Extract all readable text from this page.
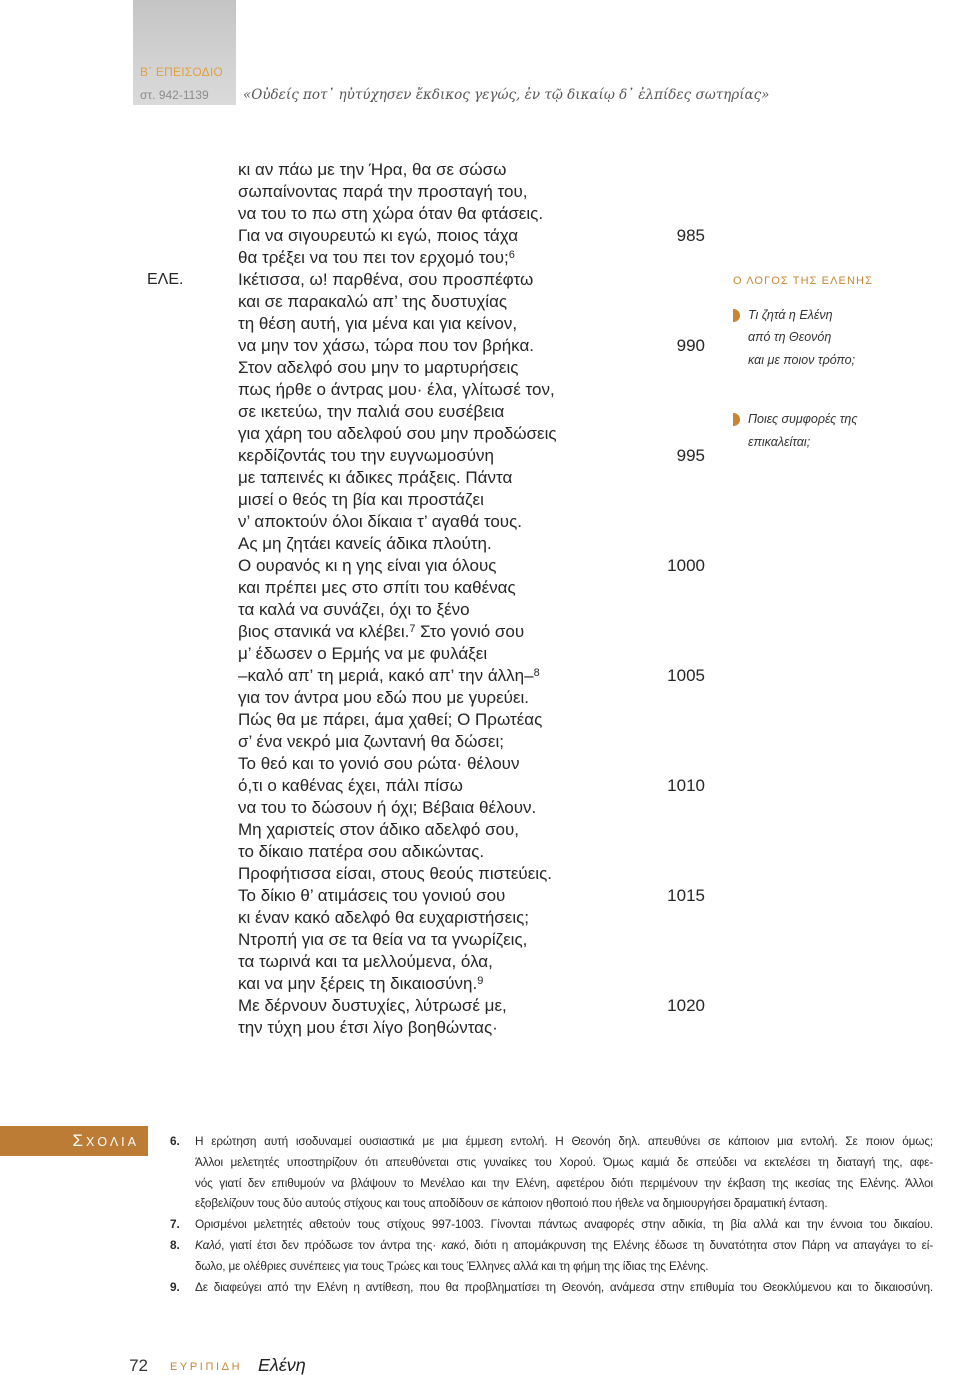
Β΄ ΕΠΕΙΣΟΔΙΟ
στ. 942-1139	«Οὐδείς ποτ᾽ ηὐτύχησεν ἔκδικος γεγώς, ἐν τῷ δικαίῳ δ᾽ ἐλπίδες σωτηρίας»
κι αν πάω με την Ήρα, θα σε σώσω
σωπαίνοντας παρά την προσταγή του,
να του το πω στη χώρα όταν θα φτάσεις.
Για να σιγουρευτώ κι εγώ, ποιος τάχα	985
θα τρέξει να του πει τον ερχομό του;$^6$
ΕΛΕ.	Ικέτισσα, ω! παρθένα, σου προσπέφτω
και σε παρακαλώ απ’ της δυστυχίας
τη θέση αυτή, για μένα και για κείνον,
να μην τον χάσω, τώρα που τον βρήκα.	990
Στον αδελφό σου μην το μαρτυρήσεις
πως ήρθε ο άντρας μου· έλα, γλίτωσέ τον,
σε ικετεύω, την παλιά σου ευσέβεια
για χάρη του αδελφού σου μην προδώσεις
κερδίζοντάς του την ευγνωμοσύνη	995
με ταπεινές κι άδικες πράξεις. Πάντα
μισεί ο θεός τη βία και προστάζει
ν’ αποκτούν όλοι δίκαια τ’ αγαθά τους.
Ας μη ζητάει κανείς άδικα πλούτη.
Ο ουρανός κι η γης είναι για όλους	1000
και πρέπει μες στο σπίτι του καθένας
τα καλά να συνάζει, όχι το ξένο
βιος στανικά να κλέβει.$^7$ Στο γονιό σου
μ’ έδωσεν ο Ερμής να με φυλάξει
–καλό απ’ τη μεριά, κακό απ’ την άλλη–$^8$	1005
για τον άντρα μου εδώ που με γυρεύει.
Πώς θα με πάρει, άμα χαθεί; Ο Πρωτέας
σ’ ένα νεκρό μια ζωντανή θα δώσει;
Το θεό και το γονιό σου ρώτα· θέλουν
ό,τι ο καθένας έχει, πάλι πίσω	1010
να του το δώσουν ή όχι; Βέβαια θέλουν.
Μη χαριστείς στον άδικο αδελφό σου,
το δίκαιο πατέρα σου αδικώντας.
Προφήτισσα είσαι, στους θεούς πιστεύεις.
Το δίκιο θ’ ατιμάσεις του γονιού σου	1015
κι έναν κακό αδελφό θα ευχαριστήσεις;
Ντροπή για σε τα θεία να τα γνωρίζεις,
τα τωρινά και τα μελλούμενα, όλα,
και να μην ξέρεις τη δικαιοσύνη.$^9$
Με δέρνουν δυστυχίες, λύτρωσέ με,	1020
την τύχη μου έτσι λίγο βοηθώντας·
Ο ΛΟΓΟΣ ΤΗΣ ΕΛΕΝΗΣ
Τι ζητά η Ελένη
από τη Θεονόη
και με ποιον τρόπο;
Ποιες συμφορές της
επικαλείται;
ΣΧΟΛΙΑ	6. Η ερώτηση αυτή ισοδυναμεί ουσιαστικά με μια έμμεση εντολή. Η Θεονόη δηλ. απευθύνει σε κάποιον μια εντολή. Σε ποιον όμως;
Άλλοι μελετητές υποστηρίζουν ότι απευθύνεται στις γυναίκες του Χορού. Όμως καμιά δε σπεύδει να εκτελέσει τη διαταγή της, αφε-
νός γιατί δεν επιθυμούν να βλάψουν το Μενέλαο και την Ελένη, αφετέρου διότι περιμένουν την έκβαση της ικεσίας της Ελένης. Άλλοι
εξοβελίζουν τους δύο αυτούς στίχους και τους αποδίδουν σε κάποιον ηθοποιό που ήθελε να δημιουργήσει δραματική ένταση.
7. Ορισμένοι μελετητές αθετούν τους στίχους 997-1003. Γίνονται πάντως αναφορές στην αδικία, τη βία αλλά και την έννοια του δικαίου.
8. Καλό, γιατί έτσι δεν πρόδωσε τον άντρα της· κακό, διότι η απομάκρυνση της Ελένης έδωσε τη δυνατότητα στον Πάρη να απαγάγει το εί-
δωλο, με ολέθριες συνέπειες για τους Τρώες και τους Έλληνες αλλά και τη φήμη της ίδιας της Ελένης.
9. Δε διαφεύγει από την Ελένη η αντίθεση, που θα προβληματίσει τη Θεονόη, ανάμεσα στην επιθυμία του Θεοκλύμενου και το δικαιοσύνη.
72 ΕΥΡΙΠΙΔΗ Ελένη
